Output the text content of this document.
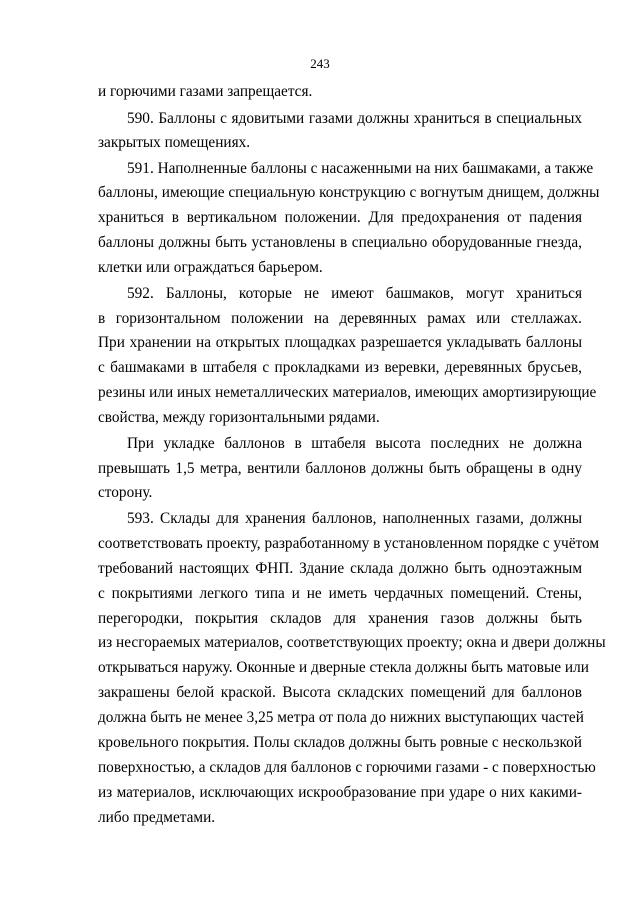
243
и горючими газами запрещается.
590. Баллоны с ядовитыми газами должны храниться в специальных
закрытых помещениях.
591. Наполненные баллоны с насаженными на них башмаками, а также
баллоны, имеющие специальную конструкцию с вогнутым днищем, должны
храниться в вертикальном положении. Для предохранения от падения
баллоны должны быть установлены в специально оборудованные гнезда,
клетки или ограждаться барьером.
592. Баллоны, которые не имеют башмаков, могут храниться
в горизонтальном положении на деревянных рамах или стеллажах.
При хранении на открытых площадках разрешается укладывать баллоны
с башмаками в штабеля с прокладками из веревки, деревянных брусьев,
резины или иных неметаллических материалов, имеющих амортизирующие
свойства, между горизонтальными рядами.
При укладке баллонов в штабеля высота последних не должна
превышать 1,5 метра, вентили баллонов должны быть обращены в одну
сторону.
593. Склады для хранения баллонов, наполненных газами, должны
соответствовать проекту, разработанному в установленном порядке с учётом
требований настоящих ФНП. Здание склада должно быть одноэтажным
с покрытиями легкого типа и не иметь чердачных помещений. Стены,
перегородки, покрытия складов для хранения газов должны быть
из несгораемых материалов, соответствующих проекту; окна и двери должны
открываться наружу. Оконные и дверные стекла должны быть матовые или
закрашены белой краской. Высота складских помещений для баллонов
должна быть не менее 3,25 метра от пола до нижних выступающих частей
кровельного покрытия. Полы складов должны быть ровные с нескользкой
поверхностью, а складов для баллонов с горючими газами - с поверхностью
из материалов, исключающих искрообразование при ударе о них какими-
либо предметами.
